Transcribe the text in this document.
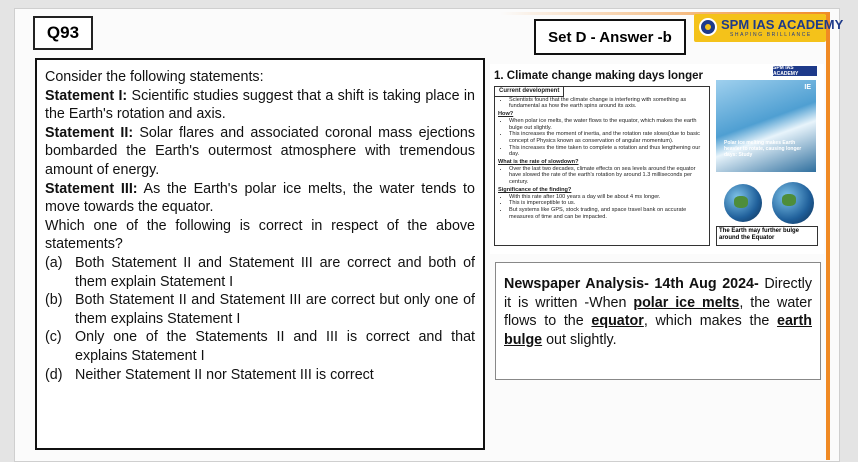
Q93	Set D - Answer -b
SPM IAS ACADEMY
SHAPING BRILLIANCE

Consider the following statements:

Statement I: Scientific studies suggest that a shift is taking place in the Earth's rotation and axis.

Statement II: Solar flares and associated coronal mass ejections bombarded the Earth's outermost atmosphere with tremendous amount of energy.

Statement III: As the Earth's polar ice melts, the water tends to move towards the equator.

Which one of the following is correct in respect of the above statements?

(a) Both Statement II and Statement III are correct and both of them explain Statement I
(b) Both Statement II and Statement III are correct but only one of them explains Statement I
(c) Only one of the Statements II and III is correct and that explains Statement I
(d) Neither Statement II nor Statement III is correct
1. Climate change making days longer
SPM IAS ACADEMY
Current development
• Scientists found that the climate change is interfering with something as fundamental as how the earth spins around its axis.
How?
• When polar ice melts, the water flows to the equator, which makes the earth bulge out slightly.
• This increases the moment of inertia, and the rotation rate slows(due to basic concept of Physics known as conservation of angular momentum).
• This increases the time taken to complete a rotation and thus lengthening our day.
What is the rate of slowdown?
• Over the last two decades, climate effects on sea levels around the equator have slowed the rate of the earth's rotation by around 1.3 milliseconds per century.
Significance of the finding?
• With this rate after 100 years a day will be about 4 ms longer.
• This is imperceptible to us.
• But systems like GPS, stock trading, and space travel bank on accurate measures of time and can be impacted.
IE
Polar ice melting makes Earth heavier to rotate, causing longer days: Study
The Earth may further bulge around the Equator

Newspaper Analysis- 14th Aug 2024- Directly it is written -When polar ice melts, the water flows to the equator, which makes the earth bulge out slightly.
